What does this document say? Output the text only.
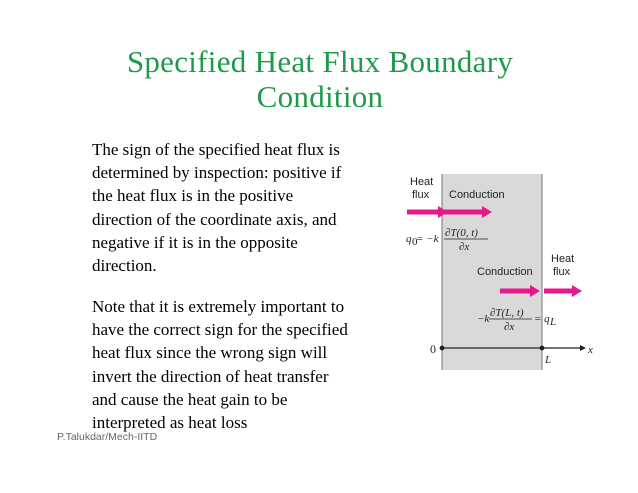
Specified Heat Flux Boundary
Condition
The sign of the specified heat flux is
determined by inspection: positive if
the heat flux is in the positive
direction of the coordinate axis, and
negative if it is in the opposite
direction.
Note that it is extremely important to
have the correct sign for the specified
heat flux since the wrong sign will
invert the direction of heat transfer
and cause the heat gain to be
interpreted as heat loss
P.Talukdar/Mech-IITD
Heat
flux Conduction
q 0
= −k ∂T(0, t)
∂x
Conduction
Heat
flux
−k ∂T(L, t)
∂x
= q L
0
L
x
